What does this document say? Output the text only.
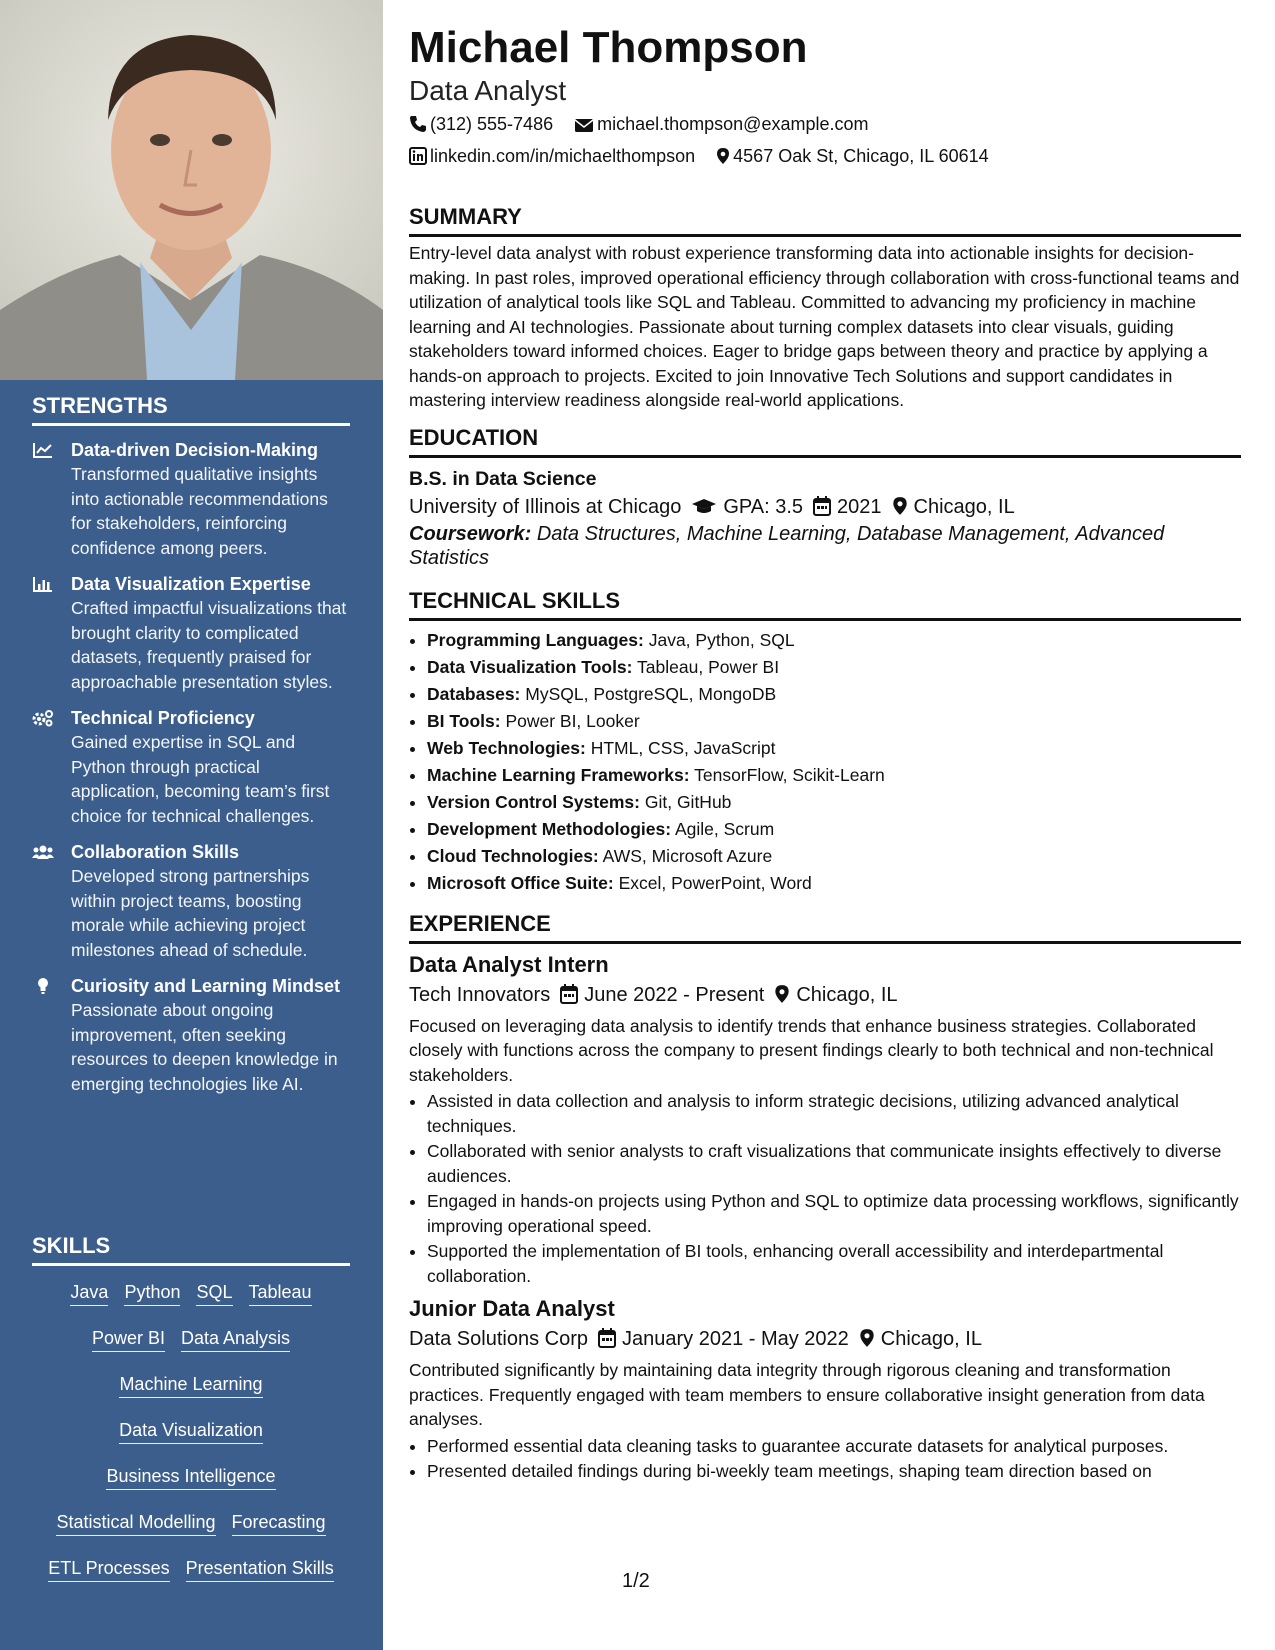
STRENGTHS
Data-driven Decision-Making
Transformed qualitative insights into actionable recommendations for stakeholders, reinforcing confidence among peers.
Data Visualization Expertise
Crafted impactful visualizations that brought clarity to complicated datasets, frequently praised for approachable presentation styles.
Technical Proficiency
Gained expertise in SQL and Python through practical application, becoming team’s first choice for technical challenges.
Collaboration Skills
Developed strong partnerships within project teams, boosting morale while achieving project milestones ahead of schedule.
Curiosity and Learning Mindset
Passionate about ongoing improvement, often seeking resources to deepen knowledge in emerging technologies like AI.
SKILLS
Java Python SQL Tableau
Power BI Data Analysis
Machine Learning
Data Visualization
Business Intelligence
Statistical Modelling Forecasting
ETL Processes Presentation Skills
Michael Thompson
Data Analyst
(312) 555-7486 michael.thompson@example.com
linkedin.com/in/michaelthompson 4567 Oak St, Chicago, IL 60614
SUMMARY

Entry-level data analyst with robust experience transforming data into actionable insights for decision-making. In past roles, improved operational efficiency through collaboration with cross-functional teams and utilization of analytical tools like SQL and Tableau. Committed to advancing my proficiency in machine learning and AI technologies. Passionate about turning complex datasets into clear visuals, guiding stakeholders toward informed choices. Eager to bridge gaps between theory and practice by applying a hands-on approach to projects. Excited to join Innovative Tech Solutions and support candidates in mastering interview readiness alongside real-world applications.

EDUCATION
B.S. in Data Science
University of Illinois at Chicago GPA: 3.5 2021 Chicago, IL
Coursework: Data Structures, Machine Learning, Database Management, Advanced Statistics
TECHNICAL SKILLS
• Programming Languages: Java, Python, SQL
• Data Visualization Tools: Tableau, Power BI
• Databases: MySQL, PostgreSQL, MongoDB
• BI Tools: Power BI, Looker
• Web Technologies: HTML, CSS, JavaScript
• Machine Learning Frameworks: TensorFlow, Scikit-Learn
• Version Control Systems: Git, GitHub
• Development Methodologies: Agile, Scrum
• Cloud Technologies: AWS, Microsoft Azure
• Microsoft Office Suite: Excel, PowerPoint, Word
EXPERIENCE
Data Analyst Intern
Tech Innovators June 2022 - Present Chicago, IL

Focused on leveraging data analysis to identify trends that enhance business strategies. Collaborated closely with functions across the company to present findings clearly to both technical and non-technical stakeholders.

• Assisted in data collection and analysis to inform strategic decisions, utilizing advanced analytical techniques.
• Collaborated with senior analysts to craft visualizations that communicate insights effectively to diverse audiences.
• Engaged in hands-on projects using Python and SQL to optimize data processing workflows, significantly improving operational speed.
• Supported the implementation of BI tools, enhancing overall accessibility and interdepartmental collaboration.
Junior Data Analyst
Data Solutions Corp January 2021 - May 2022 Chicago, IL

Contributed significantly by maintaining data integrity through rigorous cleaning and transformation practices. Frequently engaged with team members to ensure collaborative insight generation from data analyses.

• Performed essential data cleaning tasks to guarantee accurate datasets for analytical purposes.
• Presented detailed findings during bi-weekly team meetings, shaping team direction based on
1/2
